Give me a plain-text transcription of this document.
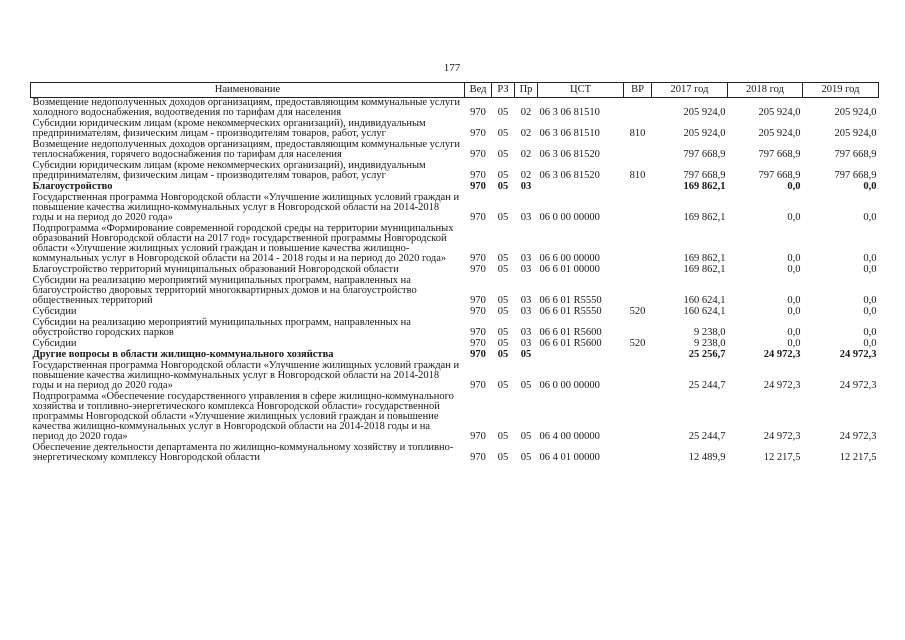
177
Наименование	Вед	РЗ	Пр	ЦСТ	ВР	2017 год	2018 год	2019 год
Возмещение недополученных доходов организациям, предоставляющим коммунальные услуги холодного водоснабжения, водоотведения по тарифам для населения	970	05	02	06 3 06 81510		205 924,0	205 924,0	205 924,0
Субсидии юридическим лицам (кроме некоммерческих организаций), индивидуальным предпринимателям, физическим лицам - производителям товаров, работ, услуг	970	05	02	06 3 06 81510	810	205 924,0	205 924,0	205 924,0
Возмещение недополученных доходов организациям, предоставляющим коммунальные услуги теплоснабжения, горячего водоснабжения по тарифам для населения	970	05	02	06 3 06 81520		797 668,9	797 668,9	797 668,9
Субсидии юридическим лицам (кроме некоммерческих организаций), индивидуальным предпринимателям, физическим лицам - производителям товаров, работ, услуг	970	05	02	06 3 06 81520	810	797 668,9	797 668,9	797 668,9
Благоустройство	970	05	03			169 862,1	0,0	0,0
Государственная программа Новгородской области «Улучшение жилищных условий граждан и повышение качества жилищно-коммунальных услуг в Новгородской области на 2014-2018 годы и на период до 2020 года»	970	05	03	06 0 00 00000		169 862,1	0,0	0,0
Подпрограмма «Формирование современной городской среды на территории муниципальных образований Новгородской области на 2017 год» государственной программы Новгородской области «Улучшение жилищных условий граждан и повышение качества жилищно-коммунальных услуг в Новгородской области на 2014 - 2018 годы и на период до 2020 года»	970	05	03	06 6 00 00000		169 862,1	0,0	0,0
Благоустройство территорий муниципальных образований Новгородской области	970	05	03	06 6 01 00000		169 862,1	0,0	0,0
Субсидии на реализацию мероприятий муниципальных программ, направленных на благоустройство дворовых территорий многоквартирных домов и на благоустройство общественных территорий	970	05	03	06 6 01 R5550		160 624,1	0,0	0,0
Субсидии	970	05	03	06 6 01 R5550	520	160 624,1	0,0	0,0
Субсидии на реализацию мероприятий муниципальных программ, направленных на обустройство городских парков	970	05	03	06 6 01 R5600		9 238,0	0,0	0,0
Субсидии	970	05	03	06 6 01 R5600	520	9 238,0	0,0	0,0
Другие вопросы в области жилищно-коммунального хозяйства	970	05	05			25 256,7	24 972,3	24 972,3
Государственная программа Новгородской области «Улучшение жилищных условий граждан и повышение качества жилищно-коммунальных услуг в Новгородской области на 2014-2018 годы и на период до 2020 года»	970	05	05	06 0 00 00000		25 244,7	24 972,3	24 972,3
Подпрограмма «Обеспечение государственного управления в сфере жилищно-коммунального хозяйства и топливно-энергетического комплекса Новгородской области» государственной программы Новгородской области «Улучшение жилищных условий граждан и повышение качества жилищно-коммунальных услуг в Новгородской области на 2014-2018 годы и на период до 2020 года»	970	05	05	06 4 00 00000		25 244,7	24 972,3	24 972,3
Обеспечение деятельности департамента по жилищно-коммунальному хозяйству и топливно-энергетическому комплексу Новгородской области	970	05	05	06 4 01 00000		12 489,9	12 217,5	12 217,5
